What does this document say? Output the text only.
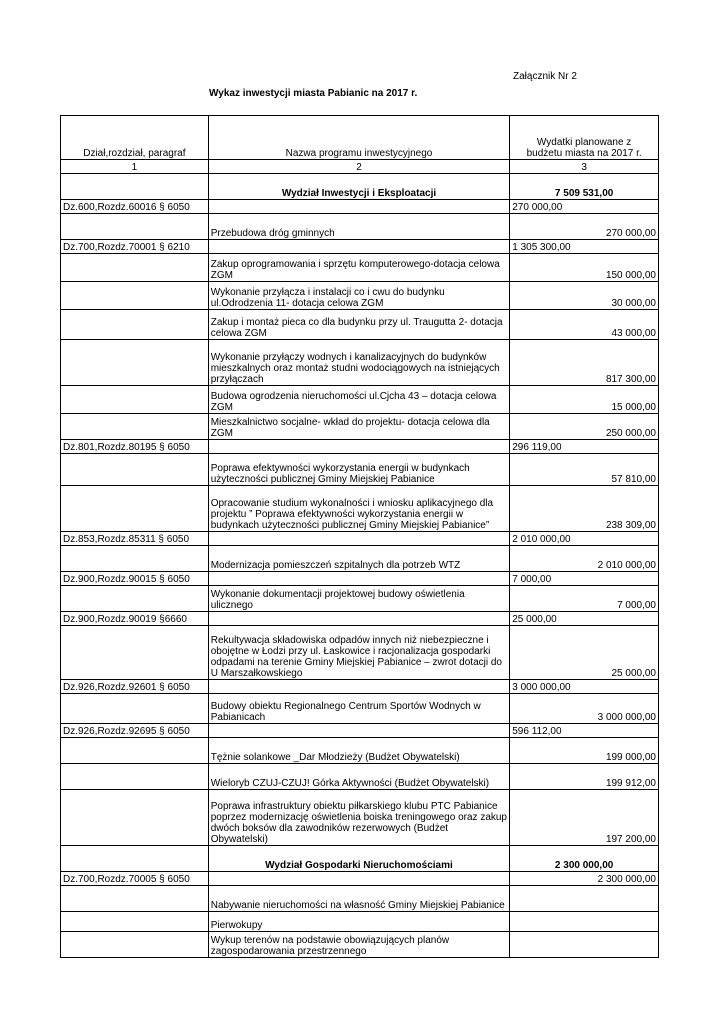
Załącznik Nr 2
Wykaz inwestycji miasta Pabianic na 2017 r.
Dział,rozdział, paragraf	Nazwa programu inwestycyjnego	Wydatki planowane z
budżetu miasta na 2017 r.

1	2	3
	Wydział Inwestycji i Eksploatacji	7 509 531,00
Dz.600,Rozdz.60016 § 6050		270 000,00
	Przebudowa dróg gminnych	270 000,00
Dz.700,Rozdz.70001 § 6210		1 305 300,00
	Zakup oprogramowania i sprzętu komputerowego-dotacja celowa ZGM	150 000,00
	Wykonanie przyłącza i instalacji co i cwu do budynku ul.Odrodzenia 11- dotacja celowa ZGM	30 000,00
	Zakup i montaż pieca co dla budynku przy ul. Traugutta 2- dotacja celowa ZGM	43 000,00
	Wykonanie przyłączy wodnych i kanalizacyjnych do budynków mieszkalnych oraz montaż studni wodociągowych na istniejących przyłączach	817 300,00
	Budowa ogrodzenia nieruchomości ul.Cjcha 43 – dotacja celowa ZGM	15 000,00
	Mieszkalnictwo socjalne- wkład do projektu- dotacja celowa dla ZGM	250 000,00
Dz.801,Rozdz.80195 § 6050		296 119,00
	Poprawa efektywności wykorzystania energii w budynkach użyteczności publicznej Gminy Miejskiej Pabianice	57 810,00
	Opracowanie studium wykonalności i wniosku aplikacyjnego dla projektu ” Poprawa efektywności wykorzystania energii w budynkach użyteczności publicznej Gminy Miejskiej Pabianice”	238 309,00
Dz.853,Rozdz.85311 § 6050		2 010 000,00
	Modernizacja pomieszczeń szpitalnych dla potrzeb WTZ	2 010 000,00
Dz.900,Rozdz.90015 § 6050		7 000,00
	Wykonanie dokumentacji projektowej budowy oświetlenia ulicznego	7 000,00
Dz.900,Rozdz.90019 §6660		25 000,00
	Rekultywacja składowiska odpadów innych niż niebezpieczne i obojętne w Łodzi przy ul. Łaskowice i racjonalizacja gospodarki odpadami na terenie Gminy Miejskiej Pabianice – zwrot dotacji do U Marszałkowskiego	25 000,00
Dz.926,Rozdz.92601 § 6050		3 000 000,00
	Budowy obiektu Regionalnego Centrum Sportów Wodnych w Pabianicach	3 000 000,00
Dz.926,Rozdz.92695 § 6050		596 112,00
	Tężnie solankowe _Dar Młodzieży (Budżet Obywatelski)	199 000,00
	Wieloryb CZUJ-CZUJ! Górka Aktywności (Budżet Obywatelski)	199 912,00
	Poprawa infrastruktury obiektu piłkarskiego klubu PTC Pabianice poprzez modernizację oświetlenia boiska treningowego oraz zakup dwóch boksów dla zawodników rezerwowych (Budżet Obywatelski)	197 200,00
	Wydział Gospodarki Nieruchomościami	2 300 000,00
Dz.700,Rozdz.70005 § 6050		2 300 000,00
	Nabywanie nieruchomości na własność Gminy Miejskiej Pabianice	
	Pierwokupy	
	Wykup terenów na podstawie obowiązujących planów zagospodarowania przestrzennego	
